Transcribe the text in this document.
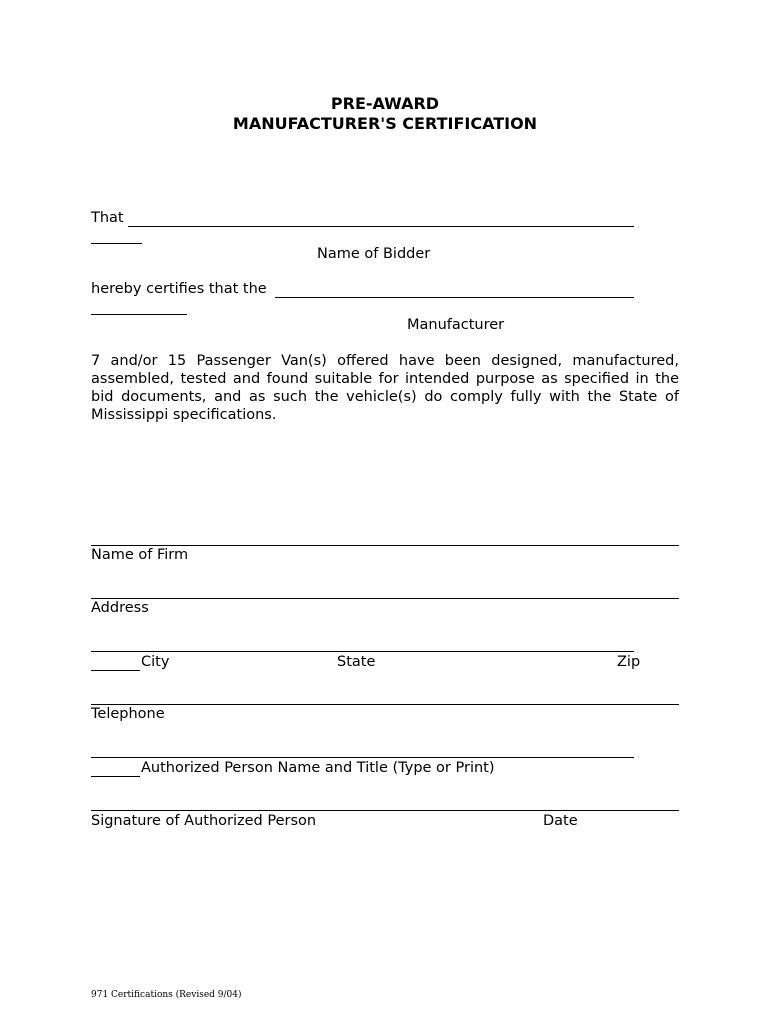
PRE-AWARD
MANUFACTURER'S CERTIFICATION
That
Name of Bidder
hereby certifies that the
Manufacturer
7 and/or 15 Passenger Van(s) offered have been designed, manufactured, assembled, tested and found suitable for intended purpose as specified in the bid documents, and as such the vehicle(s) do comply fully with the State of Mississippi specifications.
Name of Firm
Address
City	State	Zip
Telephone
Authorized Person Name and Title (Type or Print)
Signature of Authorized Person	Date
971 Certifications (Revised 9/04)
